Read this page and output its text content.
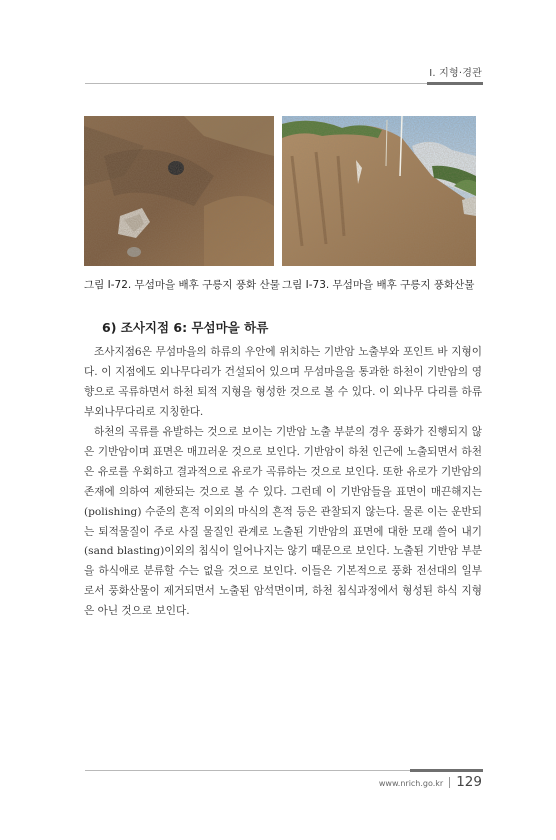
Ⅰ. 지형·경관
그림 Ⅰ-72. 무섬마을 배후 구릉지 풍화 산물 그림 Ⅰ-73. 무섬마을 배후 구릉지 풍화산물
6) 조사지점 6: 무섬마을 하류

조사지점6은 무섬마을의 하류의 우안에 위치하는 기반암 노출부와 포인트 바 지형이다. 이 지점에도 외나무다리가 건설되어 있으며 무섬마을을 통과한 하천이 기반암의 영향으로 곡류하면서 하천 퇴적 지형을 형성한 것으로 볼 수 있다. 이 외나무 다리를 하류부외나무다리로 지칭한다.

하천의 곡류를 유발하는 것으로 보이는 기반암 노출 부분의 경우 풍화가 진행되지 않은 기반암이며 표면은 매끄러운 것으로 보인다. 기반암이 하천 인근에 노출되면서 하천은 유로를 우회하고 결과적으로 유로가 곡류하는 것으로 보인다. 또한 유로가 기반암의 존재에 의하여 제한되는 것으로 볼 수 있다. 그런데 이 기반암들을 표면이 매끈해지는(polishing) 수준의 흔적 이외의 마식의 흔적 등은 관찰되지 않는다. 물론 이는 운반되는 퇴적물질이 주로 사질 물질인 관계로 노출된 기반암의 표면에 대한 모래 쓸어 내기(sand blasting)이외의 침식이 일어나지는 않기 때문으로 보인다. 노출된 기반암 부분을 하식애로 분류할 수는 없을 것으로 보인다. 이들은 기본적으로 풍화 전선대의 일부로서 풍화산물이 제거되면서 노출된 암석면이며, 하천 침식과정에서 형성된 하식 지형은 아닌 것으로 보인다.

www.nrich.go.kr 129
